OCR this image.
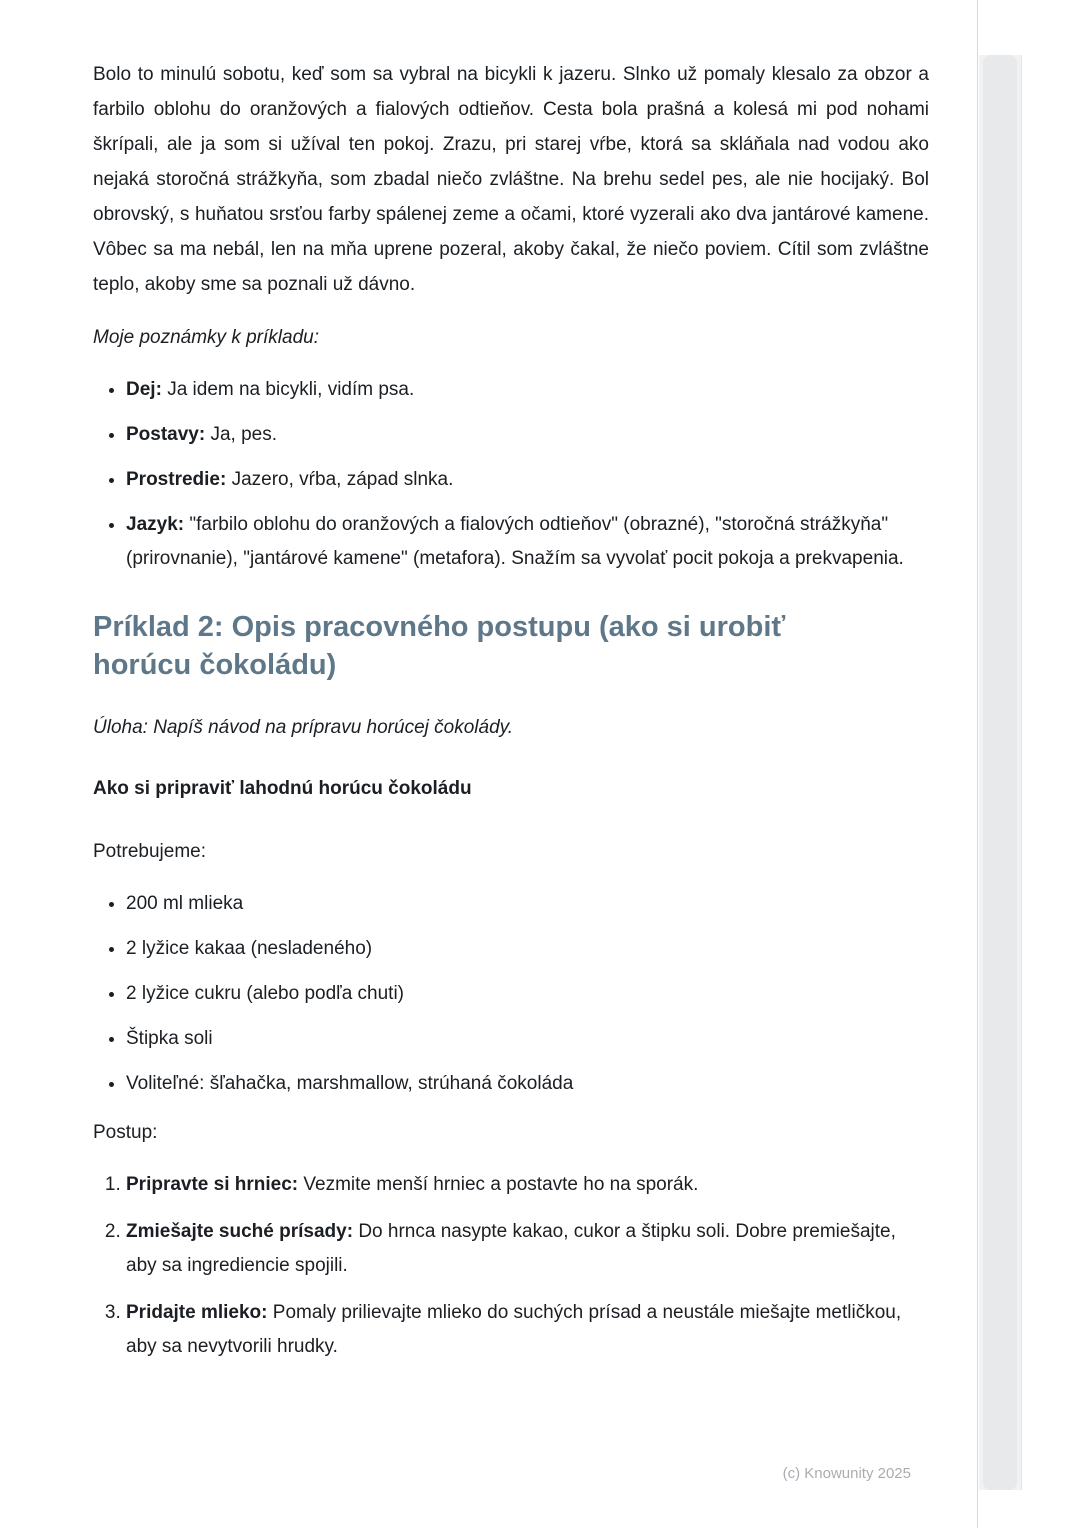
Bolo to minulú sobotu, keď som sa vybral na bicykli k jazeru. Slnko už pomaly klesalo za obzor a farbilo oblohu do oranžových a fialových odtieňov. Cesta bola prašná a kolesá mi pod nohami škrípali, ale ja som si užíval ten pokoj. Zrazu, pri starej vŕbe, ktorá sa skláňala nad vodou ako nejaká storočná strážkyňa, som zbadal niečo zvláštne. Na brehu sedel pes, ale nie hocijaký. Bol obrovský, s huňatou srsťou farby spálenej zeme a očami, ktoré vyzerali ako dva jantárové kamene. Vôbec sa ma nebál, len na mňa uprene pozeral, akoby čakal, že niečo poviem. Cítil som zvláštne teplo, akoby sme sa poznali už dávno.

Moje poznámky k príkladu:

• Dej: Ja idem na bicykli, vidím psa.
• Postavy: Ja, pes.
• Prostredie: Jazero, vŕba, západ slnka.
• Jazyk: "farbilo oblohu do oranžových a fialových odtieňov" (obrazné), "storočná strážkyňa" (prirovnanie), "jantárové kamene" (metafora). Snažím sa vyvolať pocit pokoja a prekvapenia.
Príklad 2: Opis pracovného postupu (ako si urobiť horúcu čokoládu)

Úloha: Napíš návod na prípravu horúcej čokolády.

Ako si pripraviť lahodnú horúcu čokoládu

Potrebujeme:

• 200 ml mlieka
• 2 lyžice kakaa (nesladeného)
• 2 lyžice cukru (alebo podľa chuti)
• Štipka soli
• Voliteľné: šľahačka, marshmallow, strúhaná čokoláda

Postup:

1. Pripravte si hrniec: Vezmite menší hrniec a postavte ho na sporák.
2. Zmiešajte suché prísady: Do hrnca nasypte kakao, cukor a štipku soli. Dobre premiešajte, aby sa ingrediencie spojili.
3. Pridajte mlieko: Pomaly prilievajte mlieko do suchých prísad a neustále miešajte metličkou, aby sa nevytvorili hrudky.
(c) Knowunity 2025
